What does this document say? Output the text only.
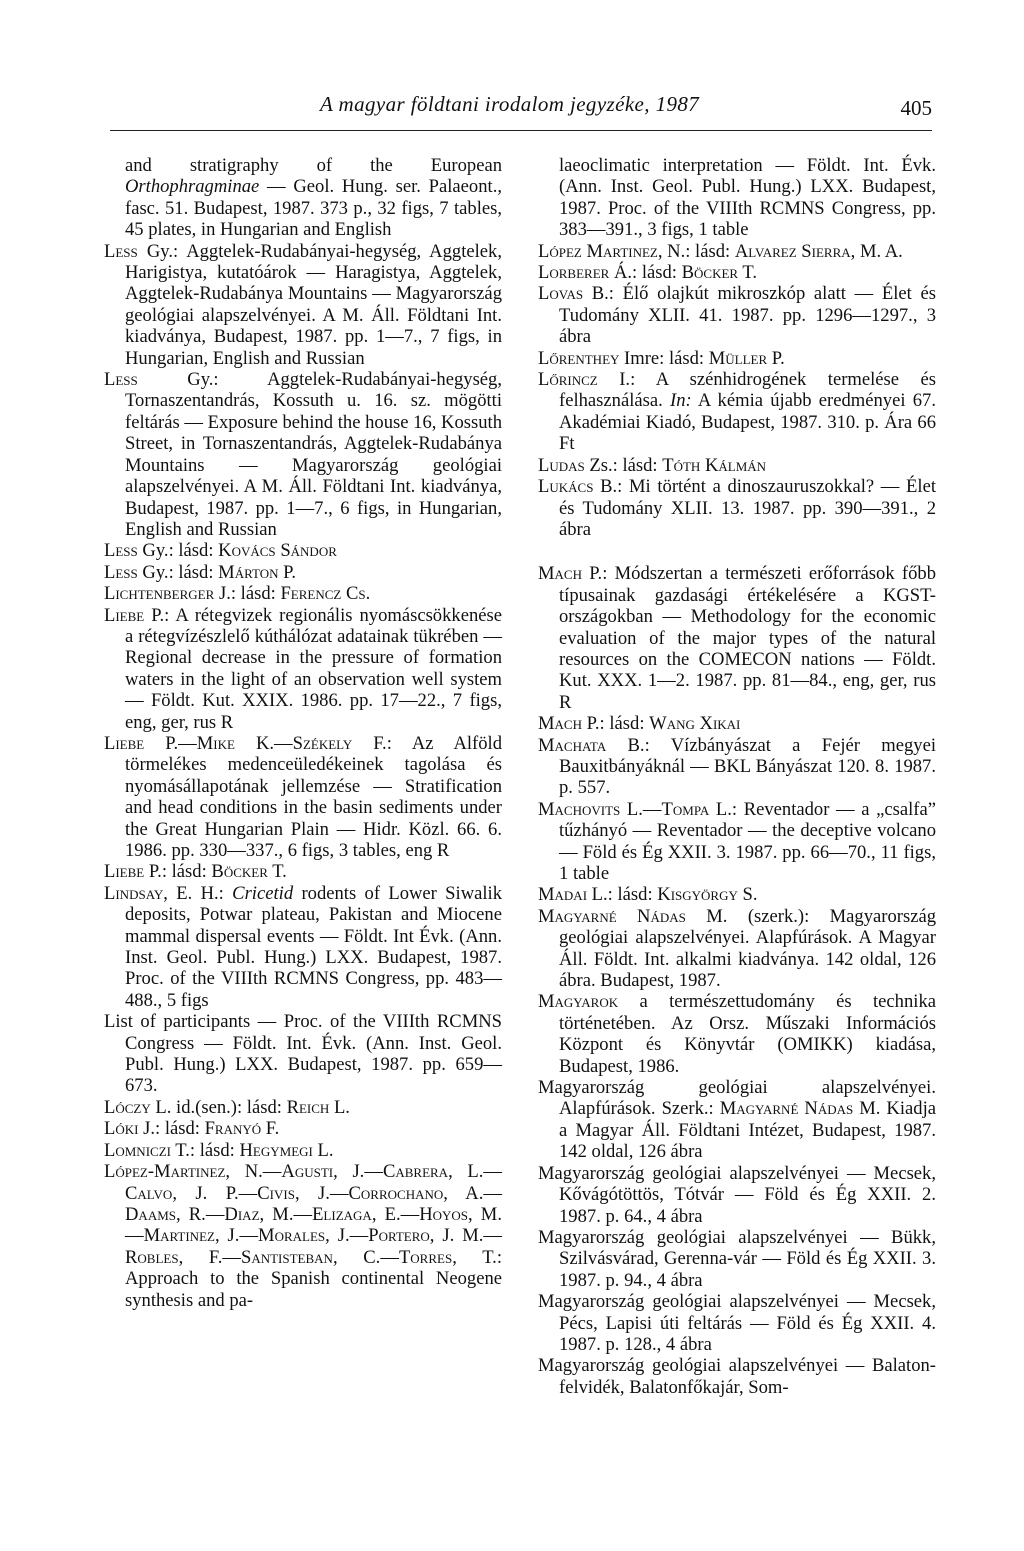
A magyar földtani irodalom jegyzéke, 1987	405

and stratigraphy of the European Orthophragminae — Geol. Hung. ser. Palaeont., fasc. 51. Budapest, 1987. 373 p., 32 figs, 7 tables, 45 plates, in Hungarian and English

Less Gy.: Aggtelek-Rudabányai-hegység, Aggtelek, Harigistya, kutatóárok — Haragistya, Aggtelek, Aggtelek-Rudabánya Mountains — Magyarország geológiai alapszelvényei. A M. Áll. Földtani Int. kiadványa, Budapest, 1987. pp. 1—7., 7 figs, in Hungarian, English and Russian

Less Gy.: Aggtelek-Rudabányai-hegység, Tornaszentandrás, Kossuth u. 16. sz. mögötti feltárás — Exposure behind the house 16, Kossuth Street, in Tornaszentandrás, Aggtelek-Rudabánya Mountains — Magyarország geológiai alapszelvényei. A M. Áll. Földtani Int. kiadványa, Budapest, 1987. pp. 1—7., 6 figs, in Hungarian, English and Russian

Less Gy.: lásd: Kovács Sándor

Less Gy.: lásd: Márton P.

Lichtenberger J.: lásd: Ferencz Cs.

Liebe P.: A rétegvizek regionális nyomáscsökkenése a rétegvízészlelő kúthálózat adatainak tükrében — Regional decrease in the pressure of formation waters in the light of an observation well system — Földt. Kut. XXIX. 1986. pp. 17—22., 7 figs, eng, ger, rus R

Liebe P.—Mike K.—Székely F.: Az Alföld törmelékes medenceüledékeinek tagolása és nyomásállapotának jellemzése — Stratification and head conditions in the basin sediments under the Great Hungarian Plain — Hidr. Közl. 66. 6. 1986. pp. 330—337., 6 figs, 3 tables, eng R

Liebe P.: lásd: Böcker T.

Lindsay, E. H.: Cricetid rodents of Lower Siwalik deposits, Potwar plateau, Pakistan and Miocene mammal dispersal events — Földt. Int Évk. (Ann. Inst. Geol. Publ. Hung.) LXX. Budapest, 1987. Proc. of the VIIIth RCMNS Congress, pp. 483—488., 5 figs

List of participants — Proc. of the VIIIth RCMNS Congress — Földt. Int. Évk. (Ann. Inst. Geol. Publ. Hung.) LXX. Budapest, 1987. pp. 659—673.

Lóczy L. id.(sen.): lásd: Reich L.

Lóki J.: lásd: Franyó F.

Lomniczi T.: lásd: Hegymegi L.

López-Martinez, N.—Agusti, J.—Cabrera, L.—Calvo, J. P.—Civis, J.—Corrochano, A.—Daams, R.—Diaz, M.—Elizaga, E.—Hoyos, M.—Martinez, J.—Morales, J.—Portero, J. M.—Robles, F.—Santisteban, C.—Torres, T.: Approach to the Spanish continental Neogene synthesis and pa-

laeoclimatic interpretation — Földt. Int. Évk. (Ann. Inst. Geol. Publ. Hung.) LXX. Budapest, 1987. Proc. of the VIIIth RCMNS Congress, pp. 383—391., 3 figs, 1 table

López Martinez, N.: lásd: Alvarez Sierra, M. A.

Lorberer Á.: lásd: Böcker T.

Lovas B.: Élő olajkút mikroszkóp alatt — Élet és Tudomány XLII. 41. 1987. pp. 1296—1297., 3 ábra

Lőrenthey Imre: lásd: Müller P.

Lőrincz I.: A szénhidrogének termelése és felhasználása. In: A kémia újabb eredményei 67. Akadémiai Kiadó, Budapest, 1987. 310. p. Ára 66 Ft

Ludas Zs.: lásd: Tóth Kálmán

Lukács B.: Mi történt a dinoszauruszokkal? — Élet és Tudomány XLII. 13. 1987. pp. 390—391., 2 ábra

Mach P.: Módszertan a természeti erőforrások főbb típusainak gazdasági értékelésére a KGST-országokban — Methodology for the economic evaluation of the major types of the natural resources on the COMECON nations — Földt. Kut. XXX. 1—2. 1987. pp. 81—84., eng, ger, rus R

Mach P.: lásd: Wang Xikai

Machata B.: Vízbányászat a Fejér megyei Bauxitbányáknál — BKL Bányászat 120. 8. 1987. p. 557.

Machovits L.—Tompa L.: Reventador — a „csalfa” tűzhányó — Reventador — the deceptive volcano — Föld és Ég XXII. 3. 1987. pp. 66—70., 11 figs, 1 table

Madai L.: lásd: Kisgyörgy S.

Magyarné Nádas M. (szerk.): Magyarország geológiai alapszelvényei. Alapfúrások. A Magyar Áll. Földt. Int. alkalmi kiadványa. 142 oldal, 126 ábra. Budapest, 1987.

Magyarok a természettudomány és technika történetében. Az Orsz. Műszaki Információs Központ és Könyvtár (OMIKK) kiadása, Budapest, 1986.

Magyarország geológiai alapszelvényei. Alapfúrások. Szerk.: Magyarné Nádas M. Kiadja a Magyar Áll. Földtani Intézet, Budapest, 1987. 142 oldal, 126 ábra

Magyarország geológiai alapszelvényei — Mecsek, Kővágótöttös, Tótvár — Föld és Ég XXII. 2. 1987. p. 64., 4 ábra

Magyarország geológiai alapszelvényei — Bükk, Szilvásvárad, Gerenna-vár — Föld és Ég XXII. 3. 1987. p. 94., 4 ábra

Magyarország geológiai alapszelvényei — Mecsek, Pécs, Lapisi úti feltárás — Föld és Ég XXII. 4. 1987. p. 128., 4 ábra

Magyarország geológiai alapszelvényei — Balaton-felvidék, Balatonfőkajár, Som-
